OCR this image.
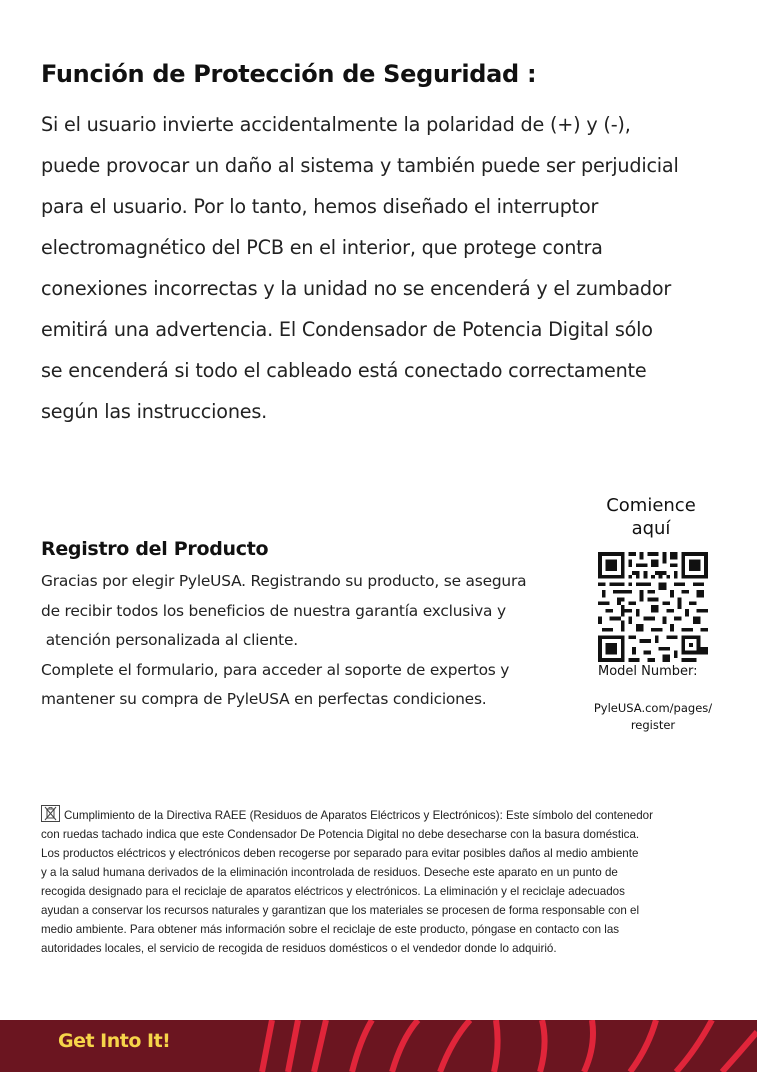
Función de Protección de Seguridad :
Si el usuario invierte accidentalmente la polaridad de (+) y (-),
puede provocar un daño al sistema y también puede ser perjudicial
para el usuario. Por lo tanto, hemos diseñado el interruptor
electromagnético del PCB en el interior, que protege contra
conexiones incorrectas y la unidad no se encenderá y el zumbador
emitirá una advertencia. El Condensador de Potencia Digital sólo
se encenderá si todo el cableado está conectado correctamente
según las instrucciones.
Registro del Producto
Gracias por elegir PyleUSA. Registrando su producto, se asegura
de recibir todos los beneficios de nuestra garantía exclusiva y
atención personalizada al cliente.
Complete el formulario, para acceder al soporte de expertos y
mantener su compra de PyleUSA en perfectas condiciones.
Comience
aquí
Model Number:
PyleUSA.com/pages/
register
Cumplimiento de la Directiva RAEE (Residuos de Aparatos Eléctricos y Electrónicos): Este símbolo del contenedor
con ruedas tachado indica que este Condensador De Potencia Digital no debe desecharse con la basura doméstica.
Los productos eléctricos y electrónicos deben recogerse por separado para evitar posibles daños al medio ambiente
y a la salud humana derivados de la eliminación incontrolada de residuos. Deseche este aparato en un punto de
recogida designado para el reciclaje de aparatos eléctricos y electrónicos. La eliminación y el reciclaje adecuados
ayudan a conservar los recursos naturales y garantizan que los materiales se procesen de forma responsable con el
medio ambiente. Para obtener más información sobre el reciclaje de este producto, póngase en contacto con las
autoridades locales, el servicio de recogida de residuos domésticos o el vendedor donde lo adquirió.
Get Into It!
